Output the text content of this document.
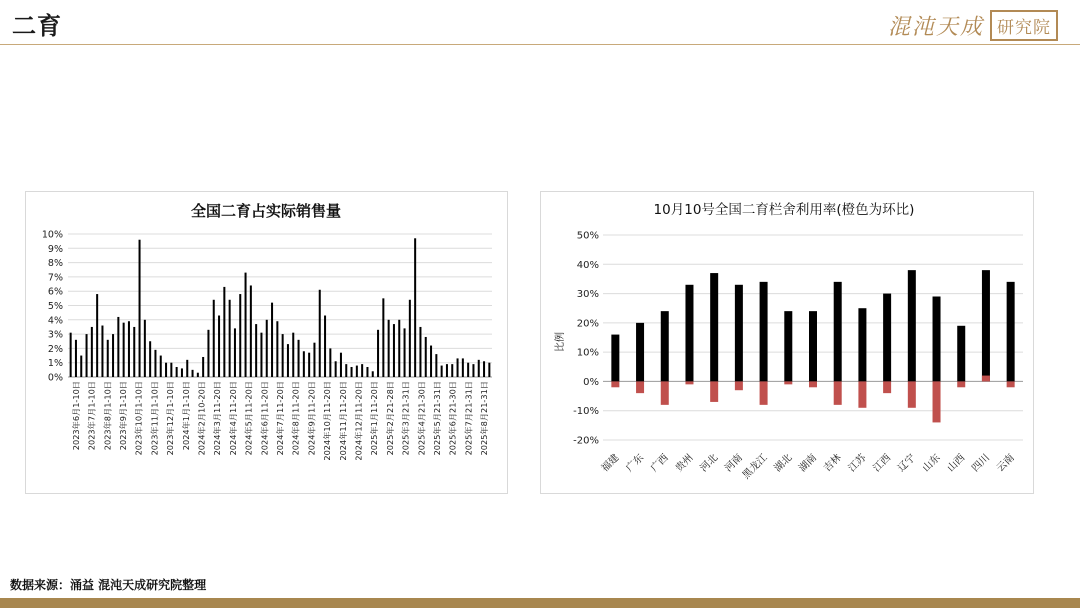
二育	混沌天成 研究院
全国二育占实际销售量
0%
1%
2%
3%
4%
5%
6%
7%
8%
9%
10%
2023年6月1-10日 2023年7月1-10日 2023年8月1-10日 2023年9月1-10日 2023年10月1-10日 2023年11月1-10日 2023年12月1-10日 2024年1月1-10日 2024年2月10-20日 2024年3月11-20日 2024年4月11-20日 2024年5月11-20日 2024年6月11-20日 2024年7月11-20日 2024年8月11-20日 2024年9月11-20日 2024年10月11-20日 2024年11月11-20日 2024年12月11-20日 2025年1月11-20日 2025年2月21-28日 2025年3月21-31日 2025年4月21-30日 2025年5月21-31日 2025年6月21-30日 2025年7月21-31日 2025年8月21-31日
10月10号全国二育栏舍利用率(橙色为环比)
-20%
-10%
0%
10%
20%
30%
40%
50%
比例
福建 广东 广西 贵州 河北 河南
黑龙江 湖北 湖南 吉林 江苏 江西 辽宁 山东 山西 四川 云南
数据来源：涌益 混沌天成研究院整理
